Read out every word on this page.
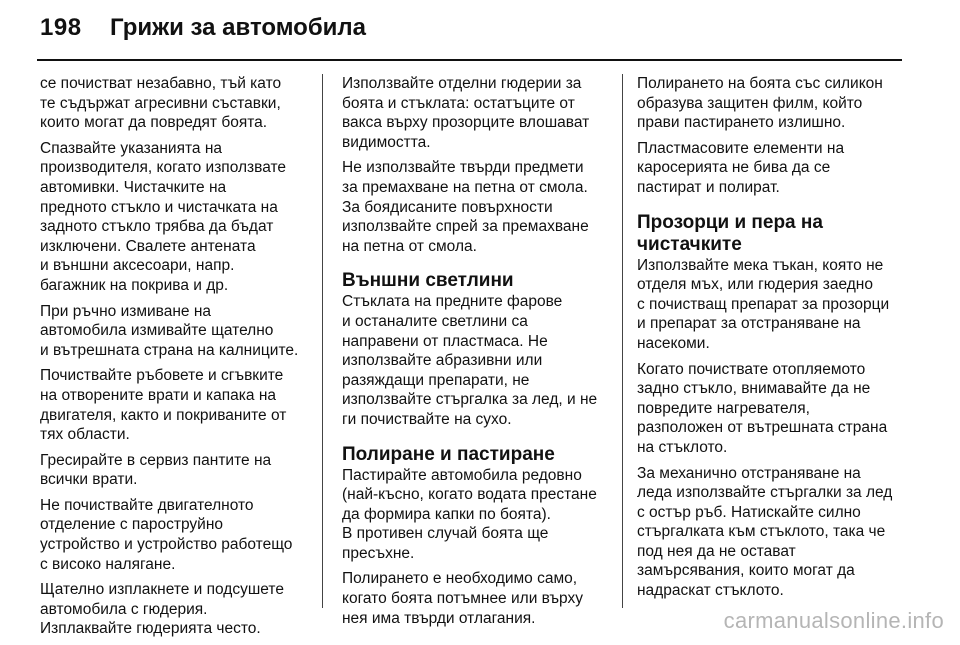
198 Грижи за автомобила

се почистват незабавно, тъй като
те съдържат агресивни съставки,
които могат да повредят боята.

Спазвайте указанията на
производителя, когато използвате
автомивки. Чистачките на
предното стъкло и чистачката на
задното стъкло трябва да бъдат
изключени. Свалете антената
и външни аксесоари, напр.
багажник на покрива и др.

При ръчно измиване на
автомобила измивайте щателно
и вътрешната страна на калниците.

Почиствайте ръбовете и сгъвките
на отворените врати и капака на
двигателя, както и покриваните от
тях области.

Гресирайте в сервиз пантите на
всички врати.

Не почиствайте двигателното
отделение с пароструйно
устройство и устройство работещо
с високо налягане.

Щателно изплакнете и подсушете
автомобила с гюдерия.
Изплаквайте гюдерията често.

Използвайте отделни гюдерии за
боята и стъклата: остатъците от
вакса върху прозорците влошават
видимостта.

Не използвайте твърди предмети
за премахване на петна от смола.
За боядисаните повърхности
използвайте спрей за премахване
на петна от смола.

Външни светлини

Стъклата на предните фарове
и останалите светлини са
направени от пластмаса. Не
използвайте абразивни или
разяждащи препарати, не
използвайте стъргалка за лед, и не
ги почиствайте на сухо.

Полиране и пастиране

Пастирайте автомобила редовно
(най-късно, когато водата престане
да формира капки по боята).
В противен случай боята ще
пресъхне.

Полирането е необходимо само,
когато боята потъмнее или върху
нея има твърди отлагания.

Полирането на боята със силикон
образува защитен филм, който
прави пастирането излишно.

Пластмасовите елементи на
каросерията не бива да се
пастират и полират.

Прозорци и пера на
чистачките

Използвайте мека тъкан, която не
отделя мъх, или гюдерия заедно
с почистващ препарат за прозорци
и препарат за отстраняване на
насекоми.

Когато почиствате отопляемото
задно стъкло, внимавайте да не
повредите нагревателя,
разположен от вътрешната страна
на стъклото.

За механично отстраняване на
леда използвайте стъргалки за лед
с остър ръб. Натискайте силно
стъргалката към стъклото, така че
под нея да не остават
замърсявания, които могат да
надраскат стъклото.

carmanualsonline.info
